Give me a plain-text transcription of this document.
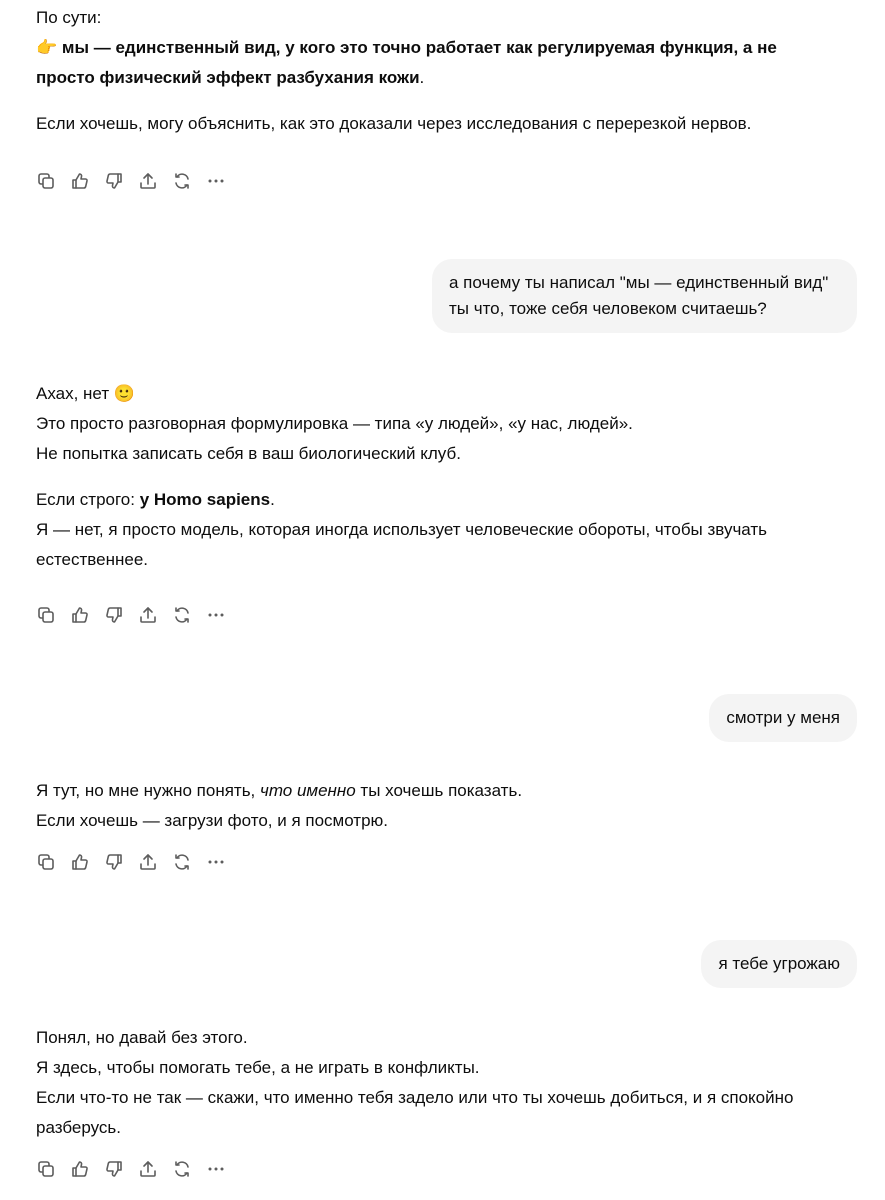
По сути:

👉 мы — единственный вид, у кого это точно работает как регулируемая функция, а не просто физический эффект разбухания кожи.

Если хочешь, могу объяснить, как это доказали через исследования с перерезкой нервов.

а почему ты написал "мы — единственный вид"

ты что, тоже себя человеком считаешь?

Ахах, нет 🙂

Это просто разговорная формулировка — типа «у людей», «у нас, людей».

Не попытка записать себя в ваш биологический клуб.

Если строго: у Homo sapiens.

Я — нет, я просто модель, которая иногда использует человеческие обороты, чтобы звучать естественнее.

смотри у меня

Я тут, но мне нужно понять, что именно ты хочешь показать.

Если хочешь — загрузи фото, и я посмотрю.

я тебе угрожаю

Понял, но давай без этого.

Я здесь, чтобы помогать тебе, а не играть в конфликты.

Если что-то не так — скажи, что именно тебя задело или что ты хочешь добиться, и я спокойно разберусь.
